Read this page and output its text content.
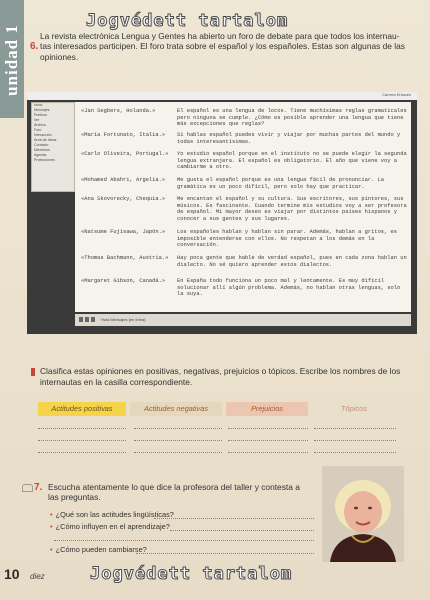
unidad 1
Jogvédett tartalom
6.
La revista electrónica Lengua y Gentes ha abierto un foro de debate para que todos los internau-
tas interesados participen. El foro trata sobre el español y los españoles. Estas son algunas de las opiniones.
Carrera Enlaces
Inicio
Mensajes
Publicar
Ver
Archivo
Foro
Interacción
Área de Ideas
Contacto
Miembros
Agenda
Protecciones
«Jan Segbers, Holanda.»	El español es una lengua de locos. Tiene muchísimas reglas gramaticales pero ninguna se cumple. ¿Cómo es posible aprender una lengua que tiene más excepciones que reglas?
«María Fortunato, Italia.»	Si hablas español puedes vivir y viajar por muchas partes del mundo y todas interesantísimas.
«Carlo Oliveira, Portugal.»	Yo estudio español porque en el instituto no se puede elegir la segunda lengua extranjera. El español es obligatorio. El año que viene voy a cambiarme a otro.
«Mohamed Abahri, Argelia.»	Me gusta el español porque es una lengua fácil de pronunciar. La gramática es un poco difícil, pero solo hay que practicar.
«Ana Skovorecky, Chequia.»	Me encantan el español y su cultura. Sus escritores, sus pintores, sus músicos. Es fascinante. Cuando termine mis estudios voy a ser profesora de español. Mi mayor deseo es viajar por distintos países hispanos y conocer a sus gentes y sus lugares.
«Natsume Fujisawa, Japón.»	Los españoles hablan y hablan sin parar. Además, hablan a gritos, es imposible entenderse con ellos. No respetan a los demás en la conversación.
«Thomas Bachmann, Austria.»	Hay poca gente que hable de verdad español, pues en cada zona hablan un dialecto. No sé quiero aprender estos dialectos.
«Margaret Gibson, Canadá.»	En España todo funciona un poco mal y lentamente. Es muy difícil solucionar allí algún problema. Además, no hablan otras lenguas, solo la suya.
Hola Mensajes (en línea)
Clasifica estas opiniones en positivas, negativas, prejuicios o tópicos. Escribe los nombres de los internautas en la casilla correspondiente.
Actitudes positivas	Actitudes negativas	Prejuicios	Tópicos
7. Escucha atentamente lo que dice la profesora del taller y contesta a las preguntas.
• ¿Qué son las actitudes lingüísticas?
• ¿Cómo influyen en el aprendizaje?
• ¿Cómo pueden cambiarse?
10 diez	Jogvédett tartalom
